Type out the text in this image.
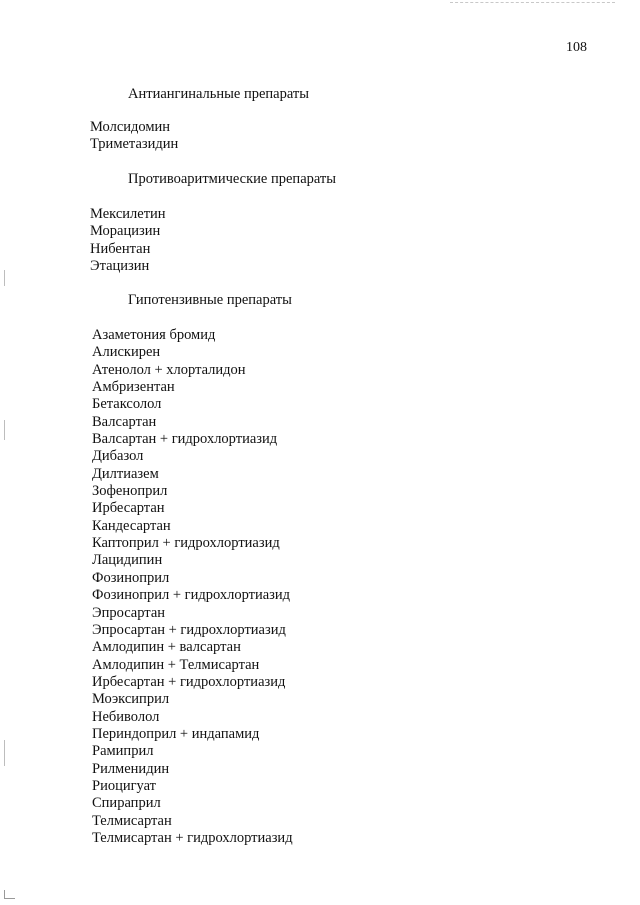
108
Антиангинальные препараты
Молсидомин
Триметазидин
Противоаритмические препараты
Мексилетин
Морацизин
Нибентан
Этацизин
Гипотензивные препараты
Азаметония бромид
Алискирен
Атенолол + хлорталидон
Амбризентан
Бетаксолол
Валсартан
Валсартан + гидрохлортиазид
Дибазол
Дилтиазем
Зофеноприл
Ирбесартан
Кандесартан
Каптоприл + гидрохлортиазид
Лацидипин
Фозиноприл
Фозиноприл + гидрохлортиазид
Эпросартан
Эпросартан + гидрохлортиазид
Амлодипин + валсартан
Амлодипин + Телмисартан
Ирбесартан + гидрохлортиазид
Моэксиприл
Небиволол
Периндоприл + индапамид
Рамиприл
Рилменидин
Риоцигуат
Спираприл
Телмисартан
Телмисартан + гидрохлортиазид
